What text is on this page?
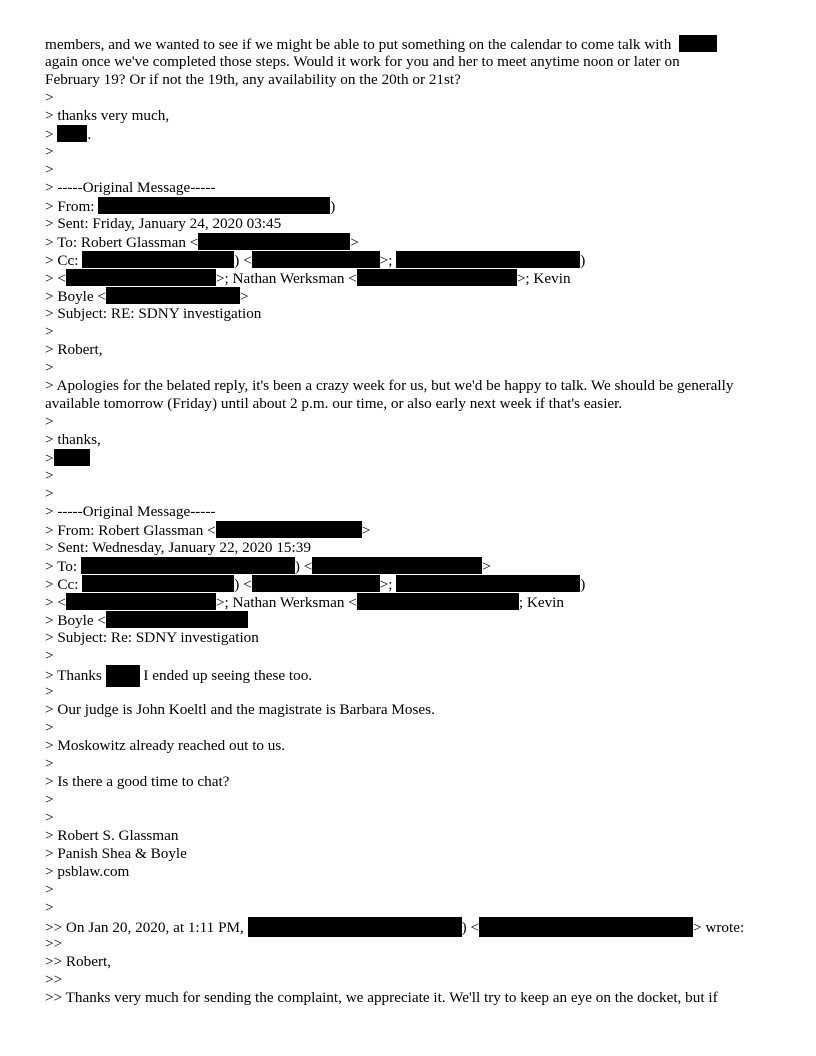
members, and we wanted to see if we might be able to put something on the calendar to come talk with
again once we've completed those steps. Would it work for you and her to meet anytime noon or later on
February 19? Or if not the 19th, any availability on the 20th or 21st?
>
> thanks very much,
> .
>
>
> -----Original Message-----
> From:	)
> Sent: Friday, January 24, 2020 03:45
> To: Robert Glassman <	>
> Cc:	) <	>;	)
> <	>; Nathan Werksman <	>; Kevin
> Boyle <	>
> Subject: RE: SDNY investigation
>
> Robert,
>
> Apologies for the belated reply, it's been a crazy week for us, but we'd be happy to talk. We should be generally
available tomorrow (Friday) until about 2 p.m. our time, or also early next week if that's easier.
>
> thanks,
>
>
>
> -----Original Message-----
> From: Robert Glassman <	>
> Sent: Wednesday, January 22, 2020 15:39
> To:	) <	>
> Cc:	) <	>;	)
> <	>; Nathan Werksman <	; Kevin
> Boyle <
> Subject: Re: SDNY investigation
>
> Thanks	I ended up seeing these too.
>
> Our judge is John Koeltl and the magistrate is Barbara Moses.
>
> Moskowitz already reached out to us.
>
> Is there a good time to chat?
>
>
> Robert S. Glassman
> Panish Shea & Boyle
> psblaw.com
>
>
>> On Jan 20, 2020, at 1:11 PM,	) <	> wrote:
>>
>> Robert,
>>
>> Thanks very much for sending the complaint, we appreciate it. We'll try to keep an eye on the docket, but if
